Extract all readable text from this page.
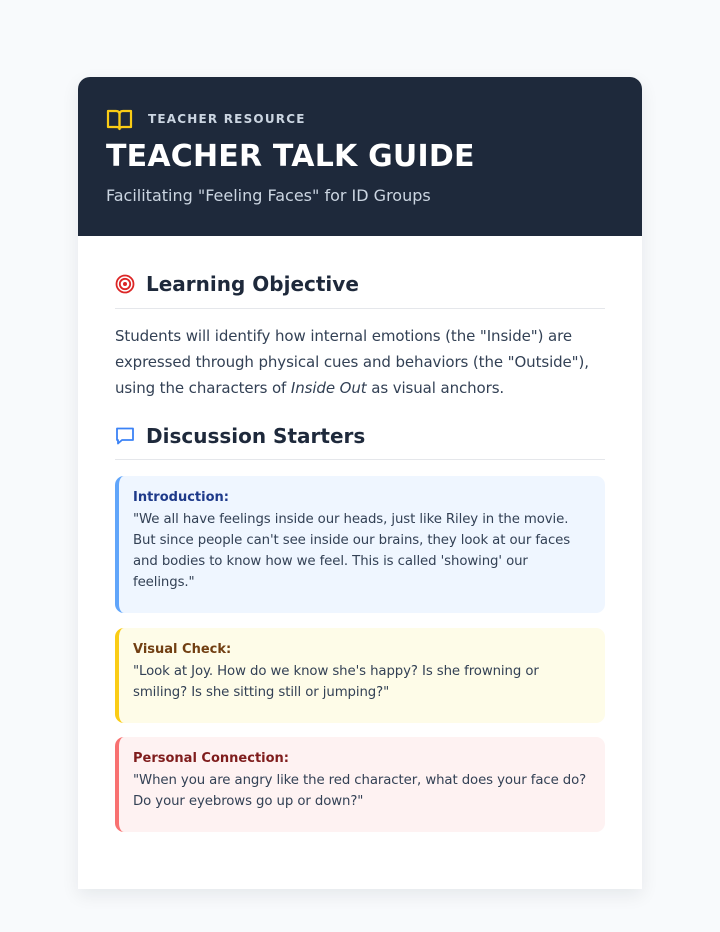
TEACHER RESOURCE
TEACHER TALK GUIDE

Facilitating "Feeling Faces" for ID Groups

Learning Objective

Students will identify how internal emotions (the "Inside") are expressed through physical cues and behaviors (the "Outside"), using the characters of Inside Out as visual anchors.

Discussion Starters

Introduction:

"We all have feelings inside our heads, just like Riley in the movie. But since people can't see inside our brains, they look at our faces and bodies to know how we feel. This is called 'showing' our feelings."

Visual Check:

"Look at Joy. How do we know she's happy? Is she frowning or smiling? Is she sitting still or jumping?"

Personal Connection:

"When you are angry like the red character, what does your face do? Do your eyebrows go up or down?"
